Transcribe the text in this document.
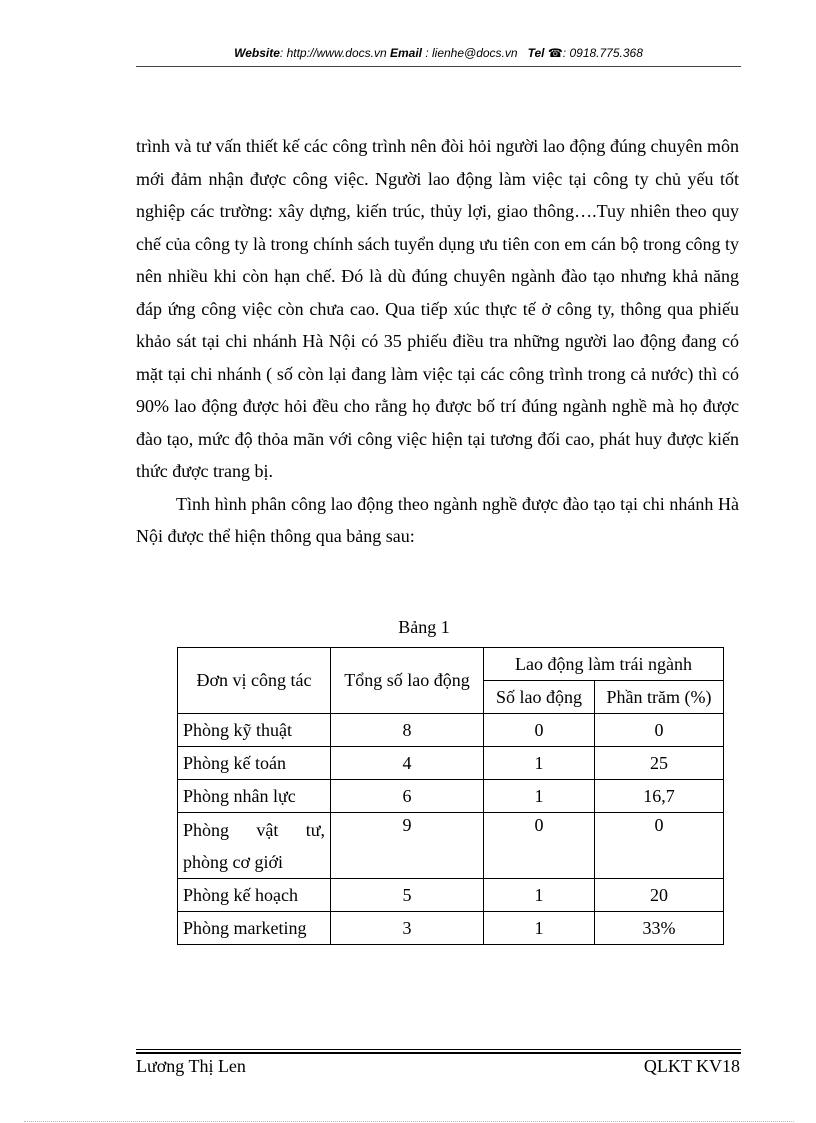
Website: http://www.docs.vn Email : lienhe@docs.vn Tel ☎: 0918.775.368

trình và tư vấn thiết kế các công trình nên đòi hỏi người lao động đúng chuyên môn mới đảm nhận được công việc. Người lao động làm việc tại công ty chủ yếu tốt nghiệp các trường: xây dựng, kiến trúc, thủy lợi, giao thông….Tuy nhiên theo quy chế của công ty là trong chính sách tuyển dụng ưu tiên con em cán bộ trong công ty nên nhiều khi còn hạn chế. Đó là dù đúng chuyên ngành đào tạo nhưng khả năng đáp ứng công việc còn chưa cao. Qua tiếp xúc thực tế ở công ty, thông qua phiếu khảo sát tại chi nhánh Hà Nội có 35 phiếu điều tra những người lao động đang có mặt tại chi nhánh ( số còn lại đang làm việc tại các công trình trong cả nước) thì có 90% lao động được hỏi đều cho rằng họ được bố trí đúng ngành nghề mà họ được đào tạo, mức độ thỏa mãn với công việc hiện tại tương đối cao, phát huy được kiến thức được trang bị.

Tình hình phân công lao động theo ngành nghề được đào tạo tại chi nhánh Hà Nội được thể hiện thông qua bảng sau:

Bảng 1
Đơn vị công tác	Tổng số lao động	Lao động làm trái ngành	
		Số lao động	Phần trăm (%)
Phòng kỹ thuật	8	0	0
Phòng kế toán	4	1	25
Phòng nhân lực	6	1	16,7
Phòng vật tư, phòng cơ giới	9	0	0
Phòng kế hoạch	5	1	20
Phòng marketing	3	1	33%
Lương Thị Len	QLKT KV18
